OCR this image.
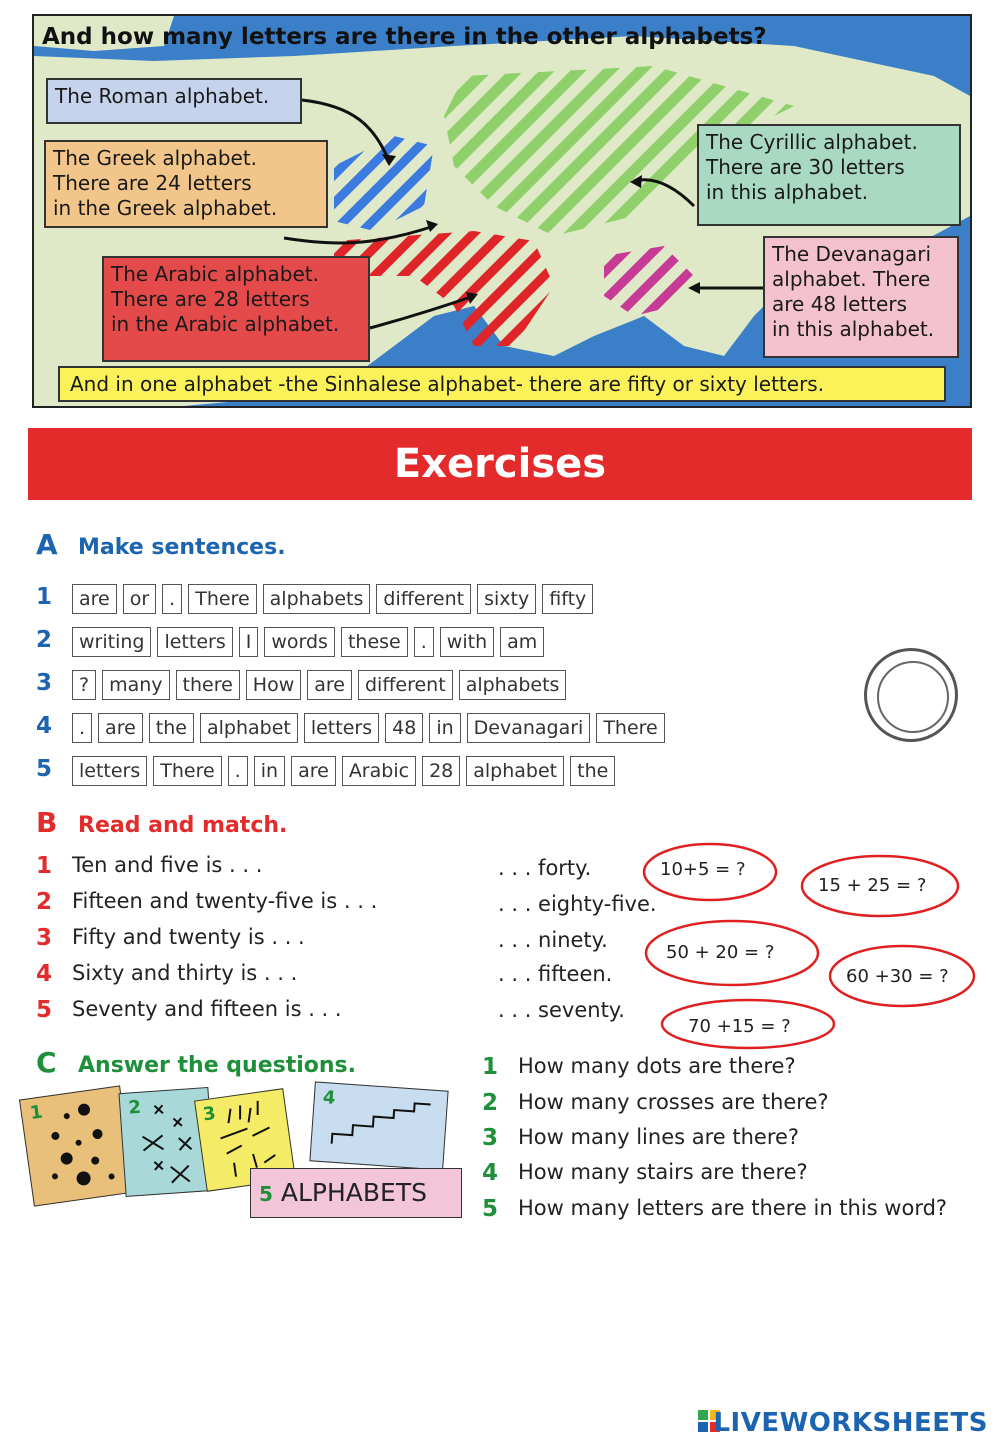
And how many letters are there in the other alphabets?
The Roman alphabet.
The Greek alphabet.
There are 24 letters
in the Greek alphabet.
The Cyrillic alphabet.
There are 30 letters
in this alphabet.
The Arabic alphabet.
There are 28 letters
in the Arabic alphabet.
The Devanagari
alphabet. There
are 48 letters
in this alphabet.
And in one alphabet -the Sinhalese alphabet- there are fifty or sixty letters.
Exercises
A Make sentences.
1	are	or	.	There	alphabets	different	sixty	fifty
2	writing	letters	I	words	these	.	with	am
3	?	many	there	How	are	different	alphabets
4	.	are	the	alphabet	letters	48	in	Devanagari	There
5	letters	There	.	in	are	Arabic	28	alphabet	the
B Read and match.
1 Ten and five is . . .
2 Fifteen and twenty-five is . . .
3 Fifty and twenty is . . .
4 Sixty and thirty is . . .
5 Seventy and fifteen is . . .
. . . forty.
. . . eighty-five.
. . . ninety.
. . . fifteen.
. . . seventy.
10+5 = ?
15 + 25 = ?
50 + 20 = ?
60 +30 = ?
70 +15 = ?
C Answer the questions.
1	2	3
4
5 ALPHABETS
1 How many dots are there?
2 How many crosses are there?
3 How many lines are there?
4 How many stairs are there?
5 How many letters are there in this word?
LIVEWORKSHEETS
